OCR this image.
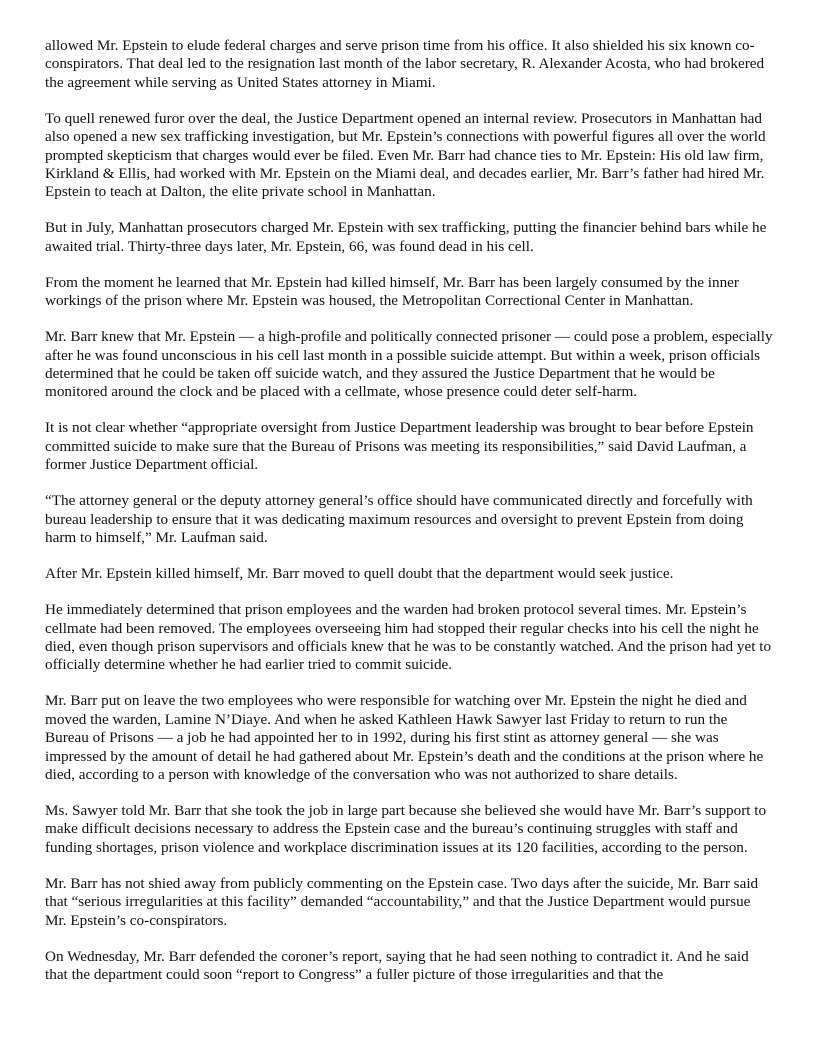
allowed Mr. Epstein to elude federal charges and serve prison time from his office. It also shielded his six known co-conspirators. That deal led to the resignation last month of the labor secretary, R. Alexander Acosta, who had brokered the agreement while serving as United States attorney in Miami.

To quell renewed furor over the deal, the Justice Department opened an internal review. Prosecutors in Manhattan had also opened a new sex trafficking investigation, but Mr. Epstein’s connections with powerful figures all over the world prompted skepticism that charges would ever be filed. Even Mr. Barr had chance ties to Mr. Epstein: His old law firm, Kirkland & Ellis, had worked with Mr. Epstein on the Miami deal, and decades earlier, Mr. Barr’s father had hired Mr. Epstein to teach at Dalton, the elite private school in Manhattan.

But in July, Manhattan prosecutors charged Mr. Epstein with sex trafficking, putting the financier behind bars while he awaited trial. Thirty-three days later, Mr. Epstein, 66, was found dead in his cell.

From the moment he learned that Mr. Epstein had killed himself, Mr. Barr has been largely consumed by the inner workings of the prison where Mr. Epstein was housed, the Metropolitan Correctional Center in Manhattan.

Mr. Barr knew that Mr. Epstein — a high-profile and politically connected prisoner — could pose a problem, especially after he was found unconscious in his cell last month in a possible suicide attempt. But within a week, prison officials determined that he could be taken off suicide watch, and they assured the Justice Department that he would be monitored around the clock and be placed with a cellmate, whose presence could deter self-harm.

It is not clear whether “appropriate oversight from Justice Department leadership was brought to bear before Epstein committed suicide to make sure that the Bureau of Prisons was meeting its responsibilities,” said David Laufman, a former Justice Department official.

“The attorney general or the deputy attorney general’s office should have communicated directly and forcefully with bureau leadership to ensure that it was dedicating maximum resources and oversight to prevent Epstein from doing harm to himself,” Mr. Laufman said.

After Mr. Epstein killed himself, Mr. Barr moved to quell doubt that the department would seek justice.

He immediately determined that prison employees and the warden had broken protocol several times. Mr. Epstein’s cellmate had been removed. The employees overseeing him had stopped their regular checks into his cell the night he died, even though prison supervisors and officials knew that he was to be constantly watched. And the prison had yet to officially determine whether he had earlier tried to commit suicide.

Mr. Barr put on leave the two employees who were responsible for watching over Mr. Epstein the night he died and moved the warden, Lamine N’Diaye. And when he asked Kathleen Hawk Sawyer last Friday to return to run the Bureau of Prisons — a job he had appointed her to in 1992, during his first stint as attorney general — she was impressed by the amount of detail he had gathered about Mr. Epstein’s death and the conditions at the prison where he died, according to a person with knowledge of the conversation who was not authorized to share details.

Ms. Sawyer told Mr. Barr that she took the job in large part because she believed she would have Mr. Barr’s support to make difficult decisions necessary to address the Epstein case and the bureau’s continuing struggles with staff and funding shortages, prison violence and workplace discrimination issues at its 120 facilities, according to the person.

Mr. Barr has not shied away from publicly commenting on the Epstein case. Two days after the suicide, Mr. Barr said that “serious irregularities at this facility” demanded “accountability,” and that the Justice Department would pursue Mr. Epstein’s co-conspirators.

On Wednesday, Mr. Barr defended the coroner’s report, saying that he had seen nothing to contradict it. And he said that the department could soon “report to Congress” a fuller picture of those irregularities and that the
